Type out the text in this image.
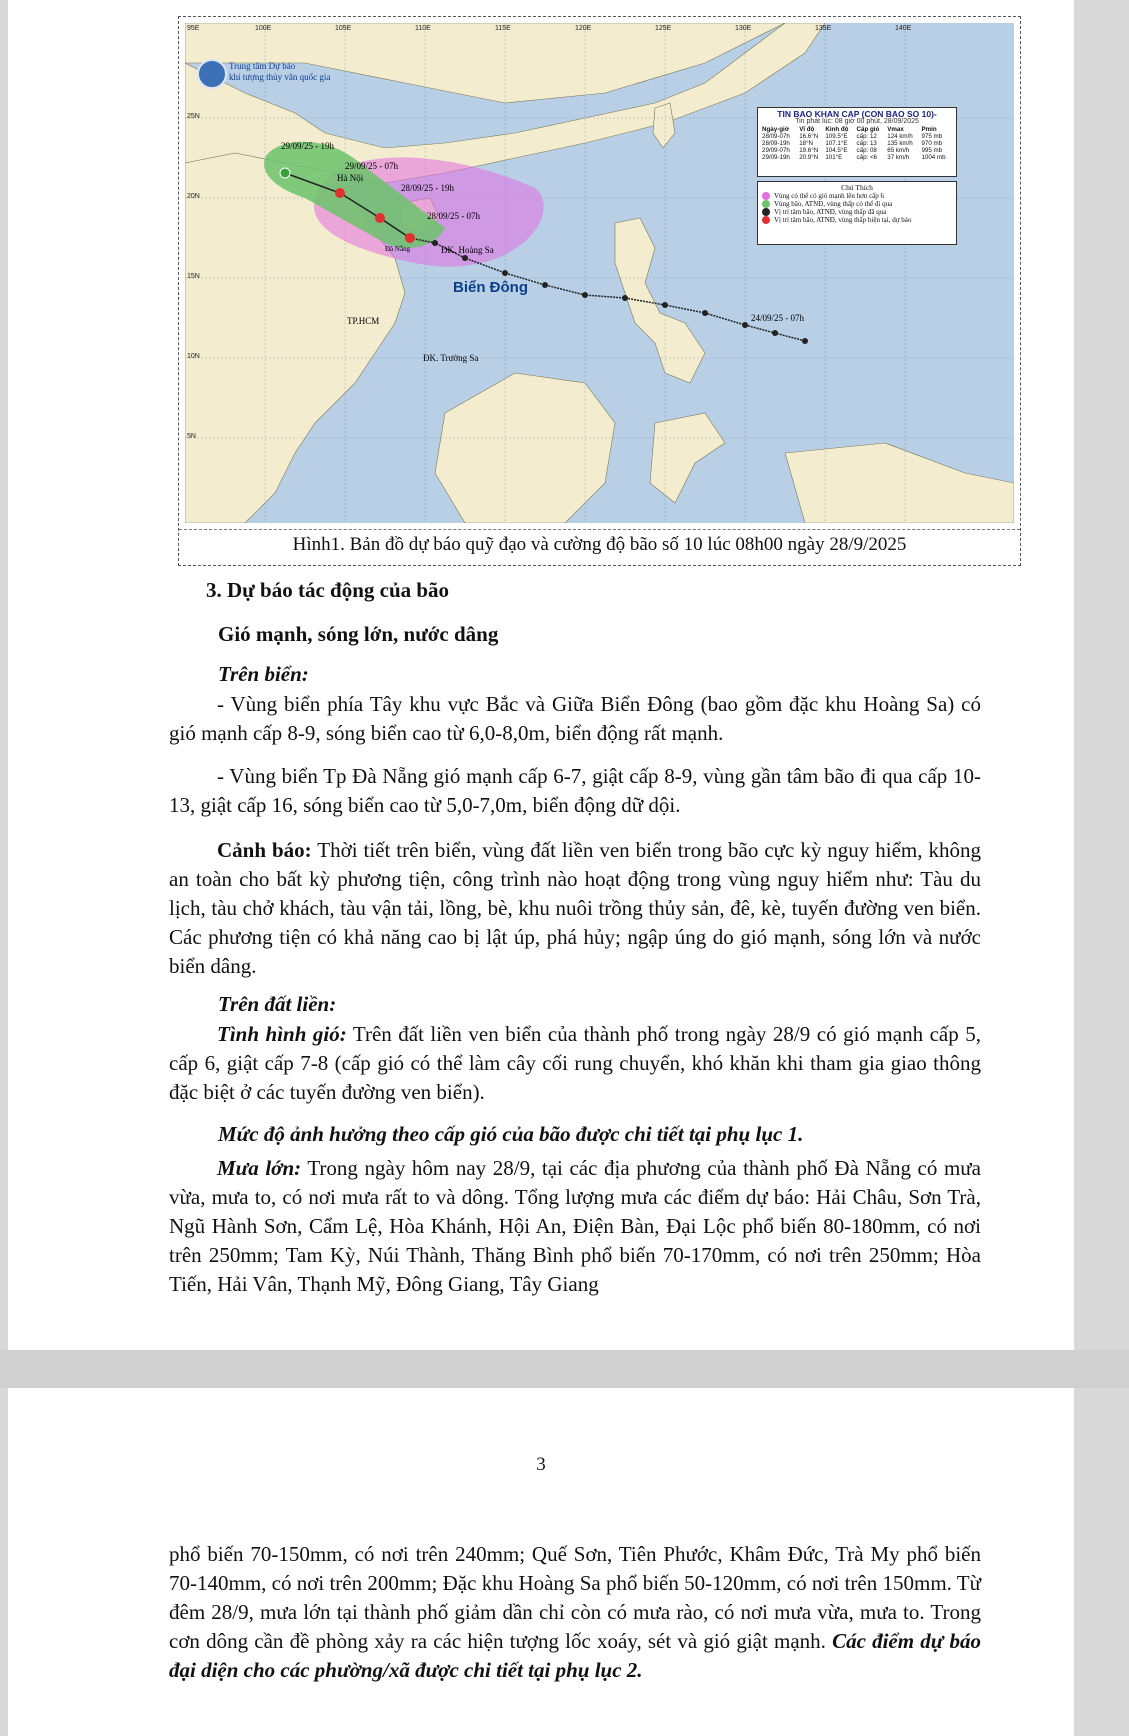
Trung tâm Dự báo
khí tượng thủy văn quốc gia
95E	100E	105E	110E	115E	120E	125E	130E	135E	140E
25N
20N
15N
10N
5N
Hà Nội
Đà Nẵng	ĐK. Hoàng Sa
Biển Đông
TP.HCM
ĐK. Trường Sa
29/09/25 - 19h
29/09/25 - 07h
28/09/25 - 19h
28/09/25 - 07h
24/09/25 - 07h
TIN BAO KHAN CAP (CON BAO SO 10)-
Tin phát lúc: 08 giờ 00 phút, 28/09/2025
Ngày-giờ	Vĩ độ	Kinh độ	Cấp gió	Vmax	Pmin
28/09-07h	16.6°N	109.5°E	cấp: 12	124 km/h	975 mb
28/09-19h	18°N	107.1°E	cấp: 13	135 km/h	970 mb
29/09-07h	19.6°N	104.5°E	cấp: 08	65 km/h	995 mb
29/09-19h	20.9°N	101°E	cấp: <6	37 km/h	1004 mb
Chú Thích
Vùng có thể có gió mạnh lên hơn cấp 6
Vùng bão, ATNĐ, vùng thấp có thể đi qua
Vị trí tâm bão, ATNĐ, vùng thấp đã qua
Vị trí tâm bão, ATNĐ, vùng thấp hiện tại, dự báo
Hình1. Bản đồ dự báo quỹ đạo và cường độ bão số 10 lúc 08h00 ngày 28/9/2025
3. Dự báo tác động của bão
Gió mạnh, sóng lớn, nước dâng
Trên biển:
- Vùng biển phía Tây khu vực Bắc và Giữa Biển Đông (bao gồm đặc khu Hoàng Sa) có gió mạnh cấp 8-9, sóng biển cao từ 6,0-8,0m, biển động rất mạnh.
- Vùng biển Tp Đà Nẵng gió mạnh cấp 6-7, giật cấp 8-9, vùng gần tâm bão đi qua cấp 10-13, giật cấp 16, sóng biển cao từ 5,0-7,0m, biển động dữ dội.
Cảnh báo: Thời tiết trên biển, vùng đất liền ven biển trong bão cực kỳ nguy hiểm, không an toàn cho bất kỳ phương tiện, công trình nào hoạt động trong vùng nguy hiểm như: Tàu du lịch, tàu chở khách, tàu vận tải, lồng, bè, khu nuôi trồng thủy sản, đê, kè, tuyến đường ven biển. Các phương tiện có khả năng cao bị lật úp, phá hủy; ngập úng do gió mạnh, sóng lớn và nước biển dâng.
Trên đất liền:
Tình hình gió: Trên đất liền ven biển của thành phố trong ngày 28/9 có gió mạnh cấp 5, cấp 6, giật cấp 7-8 (cấp gió có thể làm cây cối rung chuyển, khó khăn khi tham gia giao thông đặc biệt ở các tuyến đường ven biển).
Mức độ ảnh hưởng theo cấp gió của bão được chi tiết tại phụ lục 1.
Mưa lớn: Trong ngày hôm nay 28/9, tại các địa phương của thành phố Đà Nẵng có mưa vừa, mưa to, có nơi mưa rất to và dông. Tổng lượng mưa các điểm dự báo: Hải Châu, Sơn Trà, Ngũ Hành Sơn, Cẩm Lệ, Hòa Khánh, Hội An, Điện Bàn, Đại Lộc phổ biến 80-180mm, có nơi trên 250mm; Tam Kỳ, Núi Thành, Thăng Bình phổ biến 70-170mm, có nơi trên 250mm; Hòa Tiến, Hải Vân, Thạnh Mỹ, Đông Giang, Tây Giang
3
phổ biến 70-150mm, có nơi trên 240mm; Quế Sơn, Tiên Phước, Khâm Đức, Trà My phổ biến 70-140mm, có nơi trên 200mm; Đặc khu Hoàng Sa phổ biến 50-120mm, có nơi trên 150mm. Từ đêm 28/9, mưa lớn tại thành phố giảm dần chỉ còn có mưa rào, có nơi mưa vừa, mưa to. Trong cơn dông cần đề phòng xảy ra các hiện tượng lốc xoáy, sét và gió giật mạnh. Các điểm dự báo đại diện cho các phường/xã được chi tiết tại phụ lục 2.
